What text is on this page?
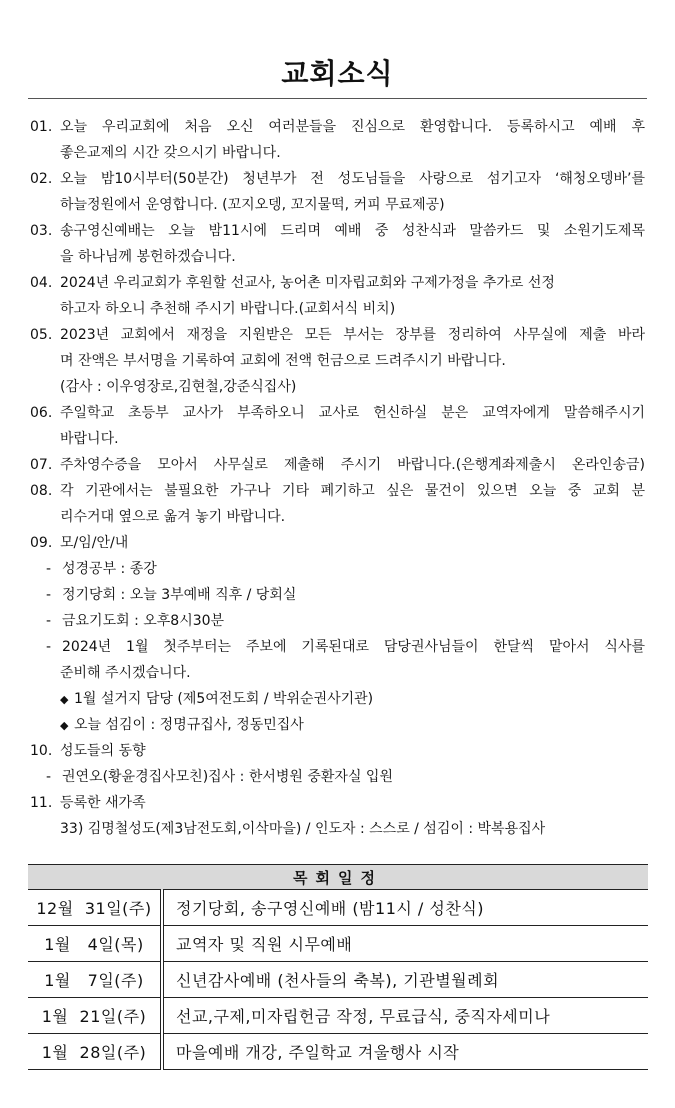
교회소식
01. 오늘 우리교회에 처음 오신 여러분들을 진심으로 환영합니다. 등록하시고 예배 후
좋은교제의 시간 갖으시기 바랍니다.
02. 오늘 밤10시부터(50분간) 청년부가 전 성도님들을 사랑으로 섬기고자 ‘해청오뎅바’를
하늘정원에서 운영합니다. (꼬지오뎅, 꼬지물떡, 커피 무료제공)
03. 송구영신예배는 오늘 밤11시에 드리며 예배 중 성찬식과 말씀카드 및 소원기도제목
을 하나님께 봉헌하겠습니다.
04. 2024년 우리교회가 후원할 선교사, 농어촌 미자립교회와 구제가정을 추가로 선정
하고자 하오니 추천해 주시기 바랍니다.(교회서식 비치)
05. 2023년 교회에서 재정을 지원받은 모든 부서는 장부를 정리하여 사무실에 제출 바라
며 잔액은 부서명을 기록하여 교회에 전액 헌금으로 드려주시기 바랍니다.
(감사 : 이우영장로,김현철,강준식집사)
06. 주일학교 초등부 교사가 부족하오니 교사로 헌신하실 분은 교역자에게 말씀해주시기
바랍니다.
07. 주차영수증을 모아서 사무실로 제출해 주시기 바랍니다.(은행계좌제출시 온라인송금)
08. 각 기관에서는 불필요한 가구나 기타 폐기하고 싶은 물건이 있으면 오늘 중 교회 분
리수거대 옆으로 옮겨 놓기 바랍니다.
09. 모/임/안/내
- 성경공부 : 종강
- 정기당회 : 오늘 3부예배 직후 / 당회실
- 금요기도회 : 오후8시30분
- 2024년 1월 첫주부터는 주보에 기록된대로 담당권사님들이 한달씩 맡아서 식사를
준비해 주시겠습니다.
◆ 1월 설거지 담당 (제5여전도회 / 박위순권사기관)
◆ 오늘 섬김이 : 정명규집사, 정동민집사
10. 성도들의 동향
- 권연오(황윤경집사모친)집사 : 한서병원 중환자실 입원
11. 등록한 새가족
33) 김명철성도(제3남전도회,이삭마을) / 인도자 : 스스로 / 섬김이 : 박복용집사
목회일정	
12월  31일(주)	정기당회, 송구영신예배 (밤11시 / 성찬식)
1월   4일(목)	교역자 및 직원 시무예배
1월   7일(주)	신년감사예배 (천사들의 축복), 기관별월례회
1월  21일(주)	선교,구제,미자립헌금 작정, 무료급식, 중직자세미나
1월  28일(주)	마을예배 개강, 주일학교 겨울행사 시작
